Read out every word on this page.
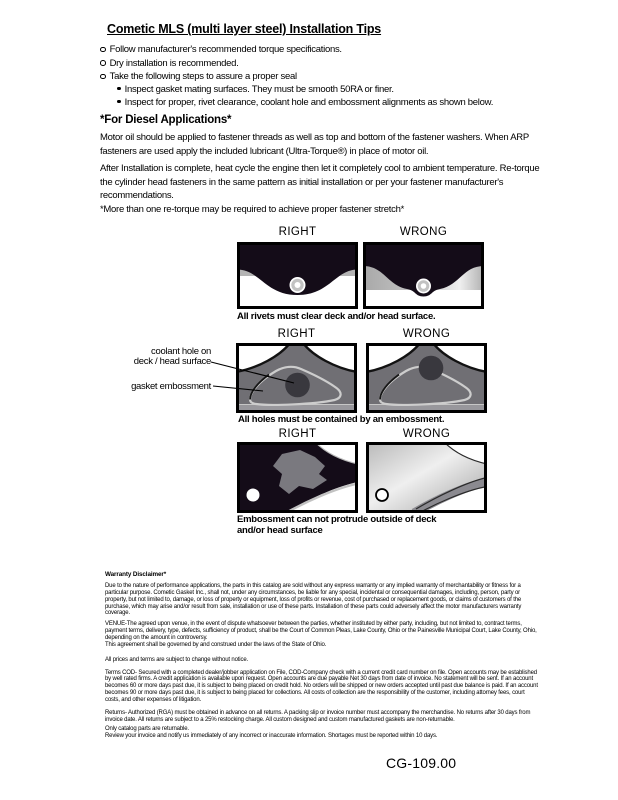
Cometic MLS (multi layer steel) Installation Tips
Follow manufacturer's recommended torque specifications.
Dry installation is recommended.
Take the following steps to assure a proper seal
Inspect gasket mating surfaces. They must be smooth 50RA or finer.
Inspect for proper, rivet clearance, coolant hole and embossment alignments as shown below.
*For Diesel Applications*
Motor oil should be applied to fastener threads as well as top and bottom of the fastener washers. When ARP fasteners are used apply the included lubricant (Ultra-Torque®) in place of motor oil.
After Installation is complete, heat cycle the engine then let it completely cool to ambient temperature. Re-torque the cylinder head fasteners in the same pattern as initial installation or per your fastener manufacturer's recommendations.
*More than one re-torque may be required to achieve proper fastener stretch*
RIGHT	WRONG
All rivets must clear deck and/or head surface.
RIGHT	WRONG
coolant hole on
deck / head surface
gasket embossment
All holes must be contained by an embossment.
RIGHT	WRONG
Embossment can not protrude outside of deck
and/or head surface
Warranty Disclaimer*
Due to the nature of performance applications, the parts in this catalog are sold without any express warranty or any implied warranty of merchantability or fitness for a particular purpose. Cometic Gasket Inc., shall not, under any circumstances, be liable for any special, incidental or consequential damages, including, person, party or property, but not limited to, damage, or loss of property or equipment, loss of profits or revenue, cost of purchased or replacement goods, or claims of customers of the purchase, which may arise and/or result from sale, installation or use of these parts. Installation of these parts could adversely affect the motor manufacturers warranty coverage.
VENUE-The agreed upon venue, in the event of dispute whatsoever between the parties, whether instituted by either party, including, but not limited to, contract terms, payment terms, delivery, type, defects, sufficiency of product, shall be the Court of Common Pleas, Lake County, Ohio or the Painesville Municipal Court, Lake County, Ohio, depending on the amount in controversy.
This agreement shall be governed by and construed under the laws of the State of Ohio.
All prices and terms are subject to change without notice.
Terms COD- Secured with a completed dealer/jobber application on File, COD-Company check with a current credit card number on file. Open accounts may be established by well rated firms. A credit application is available upon request. Open accounts are due payable Net 30 days from date of invoice. No statement will be sent. If an account becomes 60 or more days past due, it is subject to being placed on credit hold. No orders will be shipped or new orders accepted until past due balance is paid. If an account becomes 90 or more days past due, it is subject to being placed for collections. All costs of collection are the responsibility of the customer, including attorney fees, court costs, and other expenses of litigation.
Returns- Authorized (RGA) must be obtained in advance on all returns. A packing slip or invoice number must accompany the merchandise. No returns after 30 days from invoice date. All returns are subject to a 25% restocking charge. All custom designed and custom manufactured gaskets are non-returnable.
Only catalog parts are returnable.
Review your invoice and notify us immediately of any incorrect or inaccurate information. Shortages must be reported within 10 days.
CG-109.00
